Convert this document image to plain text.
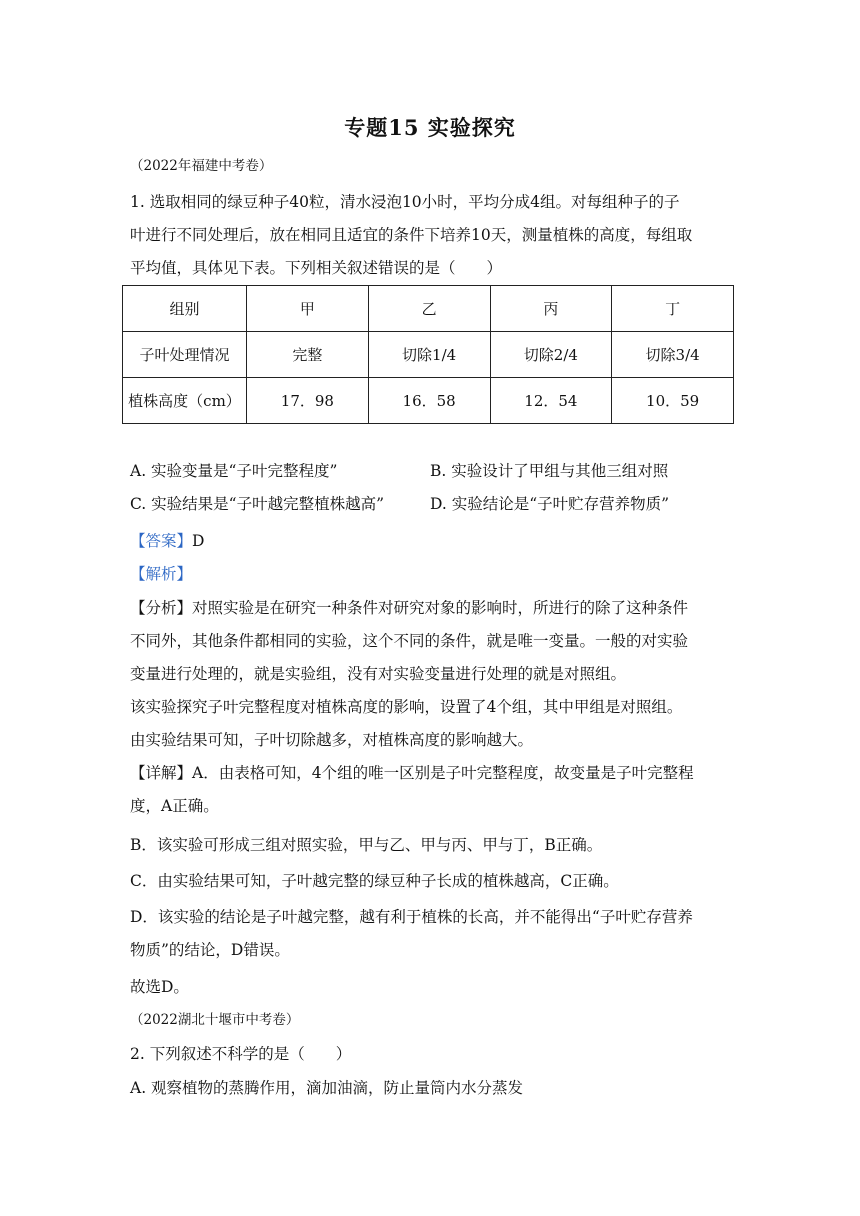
专题15 实验探究
（2022年福建中考卷）
1. 选取相同的绿豆种子40粒，清水浸泡10小时，平均分成4组。对每组种子的子
叶进行不同处理后，放在相同且适宜的条件下培养10天，测量植株的高度，每组取
平均值，具体见下表。下列相关叙述错误的是（　　）
组别	甲	乙	丙	丁
子叶处理情况	完整	切除1/4	切除2/4	切除3/4
植株高度（cm）	17．98	16．58	12．54	10．59
A. 实验变量是“子叶完整程度”	B. 实验设计了甲组与其他三组对照
C. 实验结果是“子叶越完整植株越高”	D. 实验结论是“子叶贮存营养物质”
【答案】D
【解析】
【分析】对照实验是在研究一种条件对研究对象的影响时，所进行的除了这种条件
不同外，其他条件都相同的实验，这个不同的条件，就是唯一变量。一般的对实验
变量进行处理的，就是实验组，没有对实验变量进行处理的就是对照组。
该实验探究子叶完整程度对植株高度的影响，设置了4个组，其中甲组是对照组。
由实验结果可知，子叶切除越多，对植株高度的影响越大。
【详解】A．由表格可知，4个组的唯一区别是子叶完整程度，故变量是子叶完整程
度，A正确。
B．该实验可形成三组对照实验，甲与乙、甲与丙、甲与丁，B正确。
C．由实验结果可知，子叶越完整的绿豆种子长成的植株越高，C正确。
D．该实验的结论是子叶越完整，越有利于植株的长高，并不能得出“子叶贮存营养
物质”的结论，D错误。
故选D。
（2022湖北十堰市中考卷）
2. 下列叙述不科学的是（　　）
A. 观察植物的蒸腾作用，滴加油滴，防止量筒内水分蒸发
